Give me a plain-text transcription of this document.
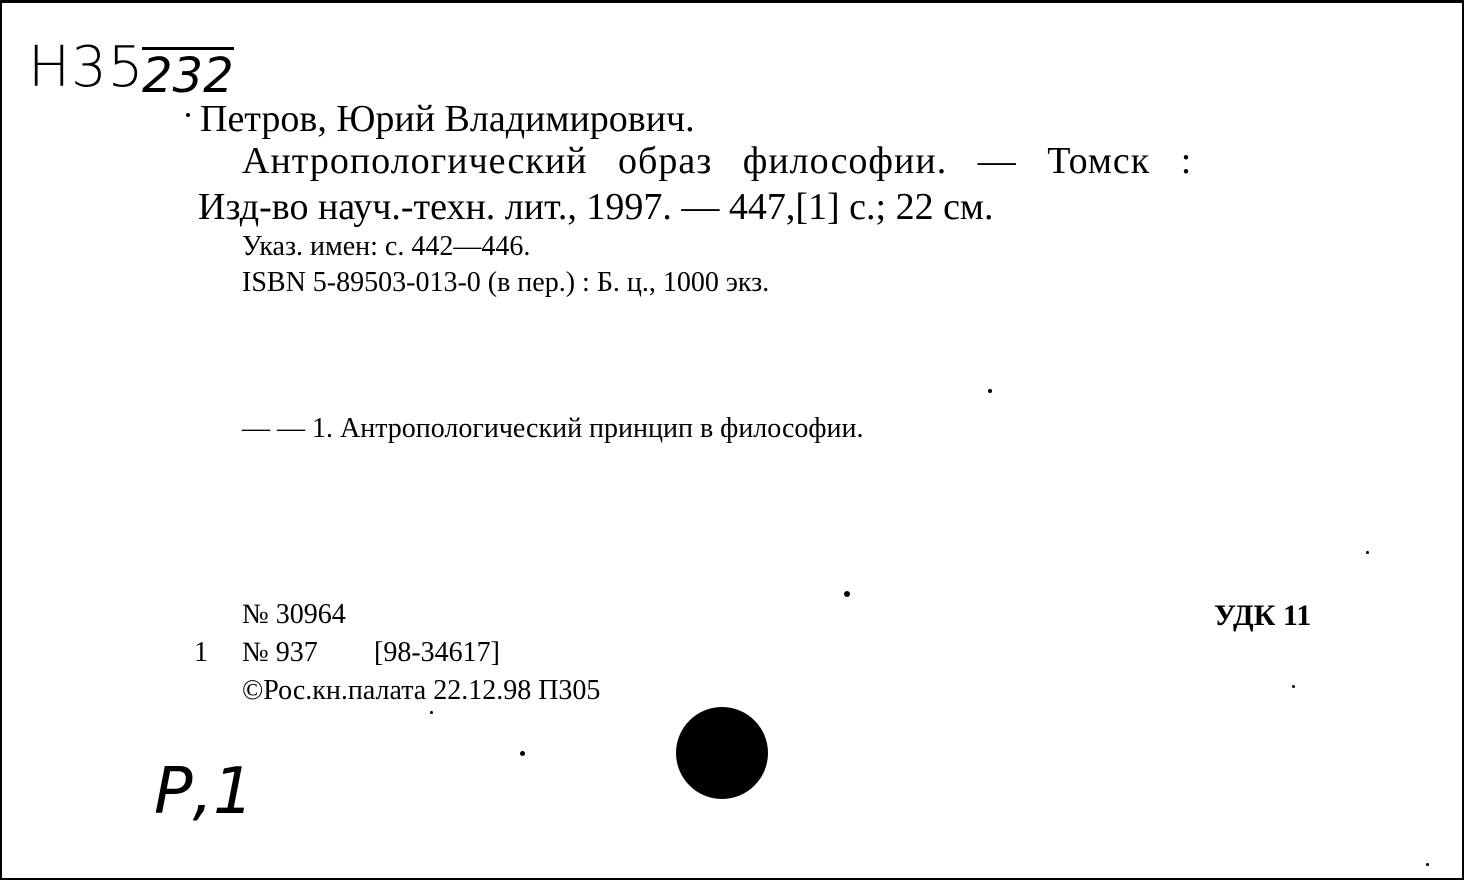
Н35
232
Петров, Юрий Владимирович.
Антропологический образ философии. — Томск :
Изд-во науч.-техн. лит., 1997. — 447,[1] с.; 22 см.
Указ. имен: с. 442—446.
ISBN 5-89503-013-0 (в пер.) : Б. ц., 1000 экз.
— — 1. Антропологический принцип в философии.
№ 30964
1 № 937 [98-34617]
©Рос.кн.палата 22.12.98 П305
УДК 11
Р,1
